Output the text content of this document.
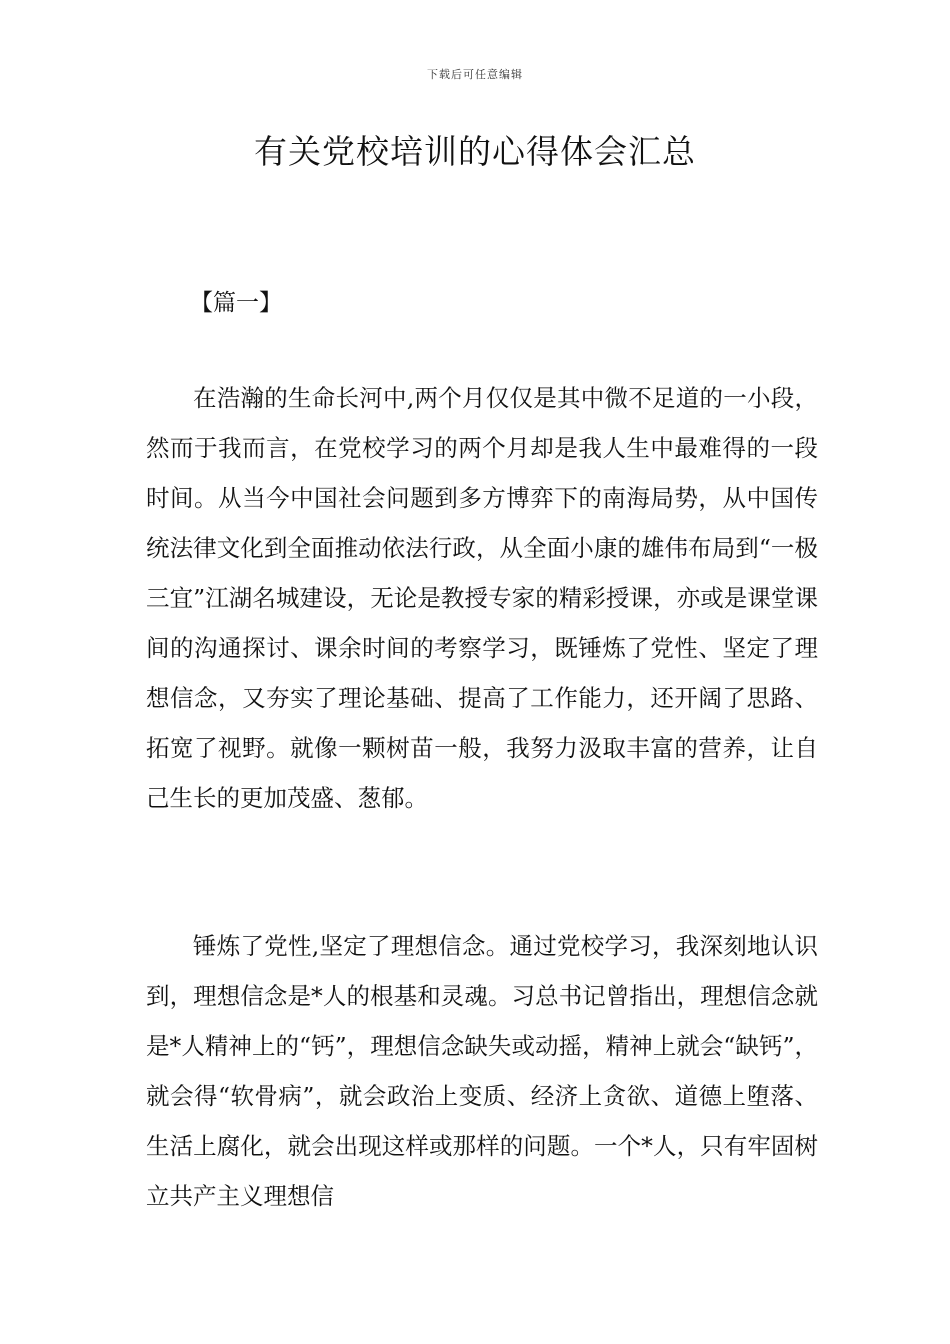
下载后可任意编辑
有关党校培训的心得体会汇总
【篇一】

在浩瀚的生命长河中,两个月仅仅是其中微不足道的一小段，然而于我而言，在党校学习的两个月却是我人生中最难得的一段时间。从当今中国社会问题到多方博弈下的南海局势，从中国传统法律文化到全面推动依法行政，从全面小康的雄伟布局到“一极三宜”江湖名城建设，无论是教授专家的精彩授课，亦或是课堂课间的沟通探讨、课余时间的考察学习，既锤炼了党性、坚定了理想信念，又夯实了理论基础、提高了工作能力，还开阔了思路、拓宽了视野。就像一颗树苗一般，我努力汲取丰富的营养，让自己生长的更加茂盛、葱郁。

锤炼了党性,坚定了理想信念。通过党校学习，我深刻地认识到，理想信念是*人的根基和灵魂。习总书记曾指出，理想信念就是*人精神上的“钙”，理想信念缺失或动摇，精神上就会“缺钙”，就会得“软骨病”，就会政治上变质、经济上贪欲、道德上堕落、生活上腐化，就会出现这样或那样的问题。一个*人，只有牢固树立共产主义理想信
